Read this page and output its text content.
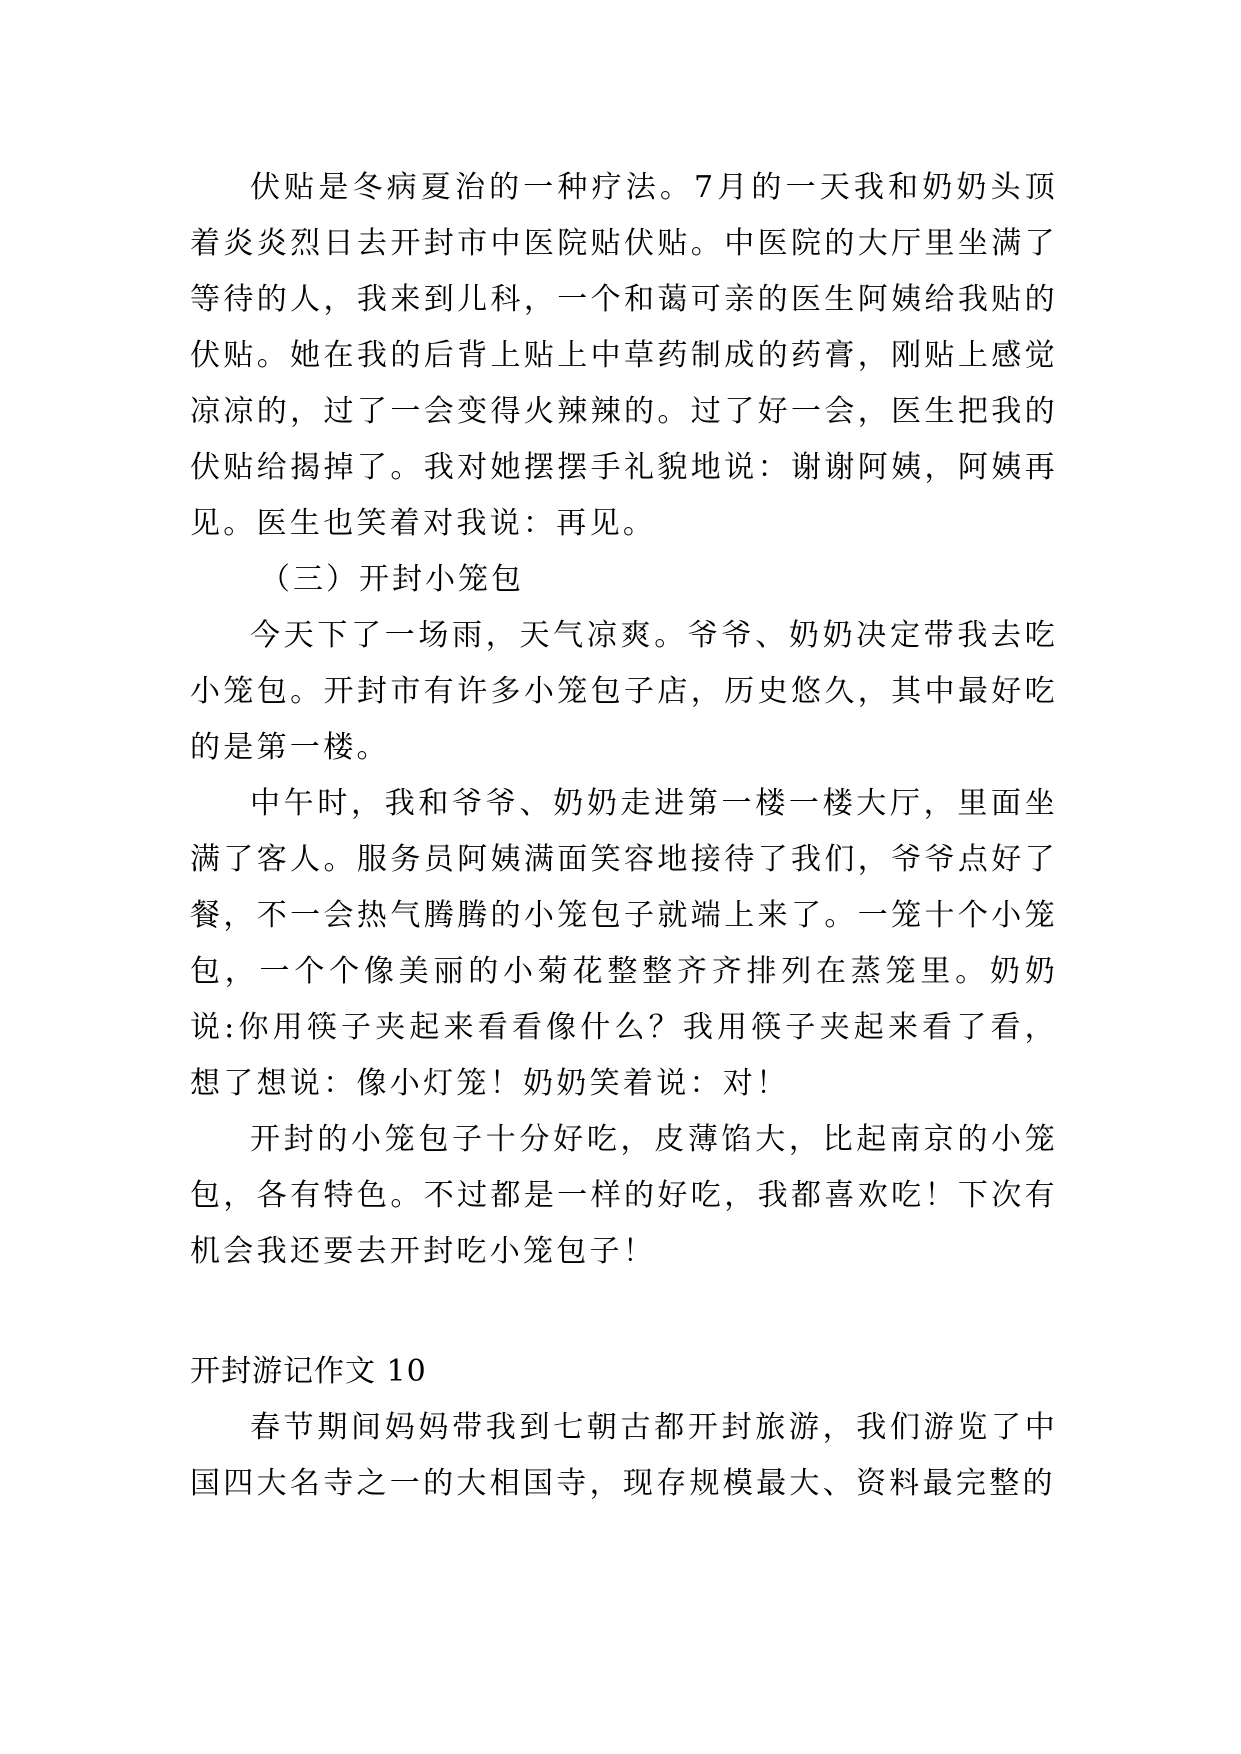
伏贴是冬病夏治的一种疗法。7月的一天我和奶奶头顶着炎炎烈日去开封市中医院贴伏贴。中医院的大厅里坐满了等待的人，我来到儿科，一个和蔼可亲的医生阿姨给我贴的伏贴。她在我的后背上贴上中草药制成的药膏，刚贴上感觉凉凉的，过了一会变得火辣辣的。过了好一会，医生把我的伏贴给揭掉了。我对她摆摆手礼貌地说：谢谢阿姨，阿姨再见。医生也笑着对我说：再见。

（三）开封小笼包

今天下了一场雨，天气凉爽。爷爷、奶奶决定带我去吃小笼包。开封市有许多小笼包子店，历史悠久，其中最好吃的是第一楼。

中午时，我和爷爷、奶奶走进第一楼一楼大厅，里面坐满了客人。服务员阿姨满面笑容地接待了我们，爷爷点好了餐，不一会热气腾腾的小笼包子就端上来了。一笼十个小笼包，一个个像美丽的小菊花整整齐齐排列在蒸笼里。奶奶说:你用筷子夹起来看看像什么？我用筷子夹起来看了看，想了想说：像小灯笼！奶奶笑着说：对！

开封的小笼包子十分好吃，皮薄馅大，比起南京的小笼包，各有特色。不过都是一样的好吃，我都喜欢吃！下次有机会我还要去开封吃小笼包子！

开封游记作文 10

春节期间妈妈带我到七朝古都开封旅游，我们游览了中国四大名寺之一的大相国寺，现存规模最大、资料最完整的
